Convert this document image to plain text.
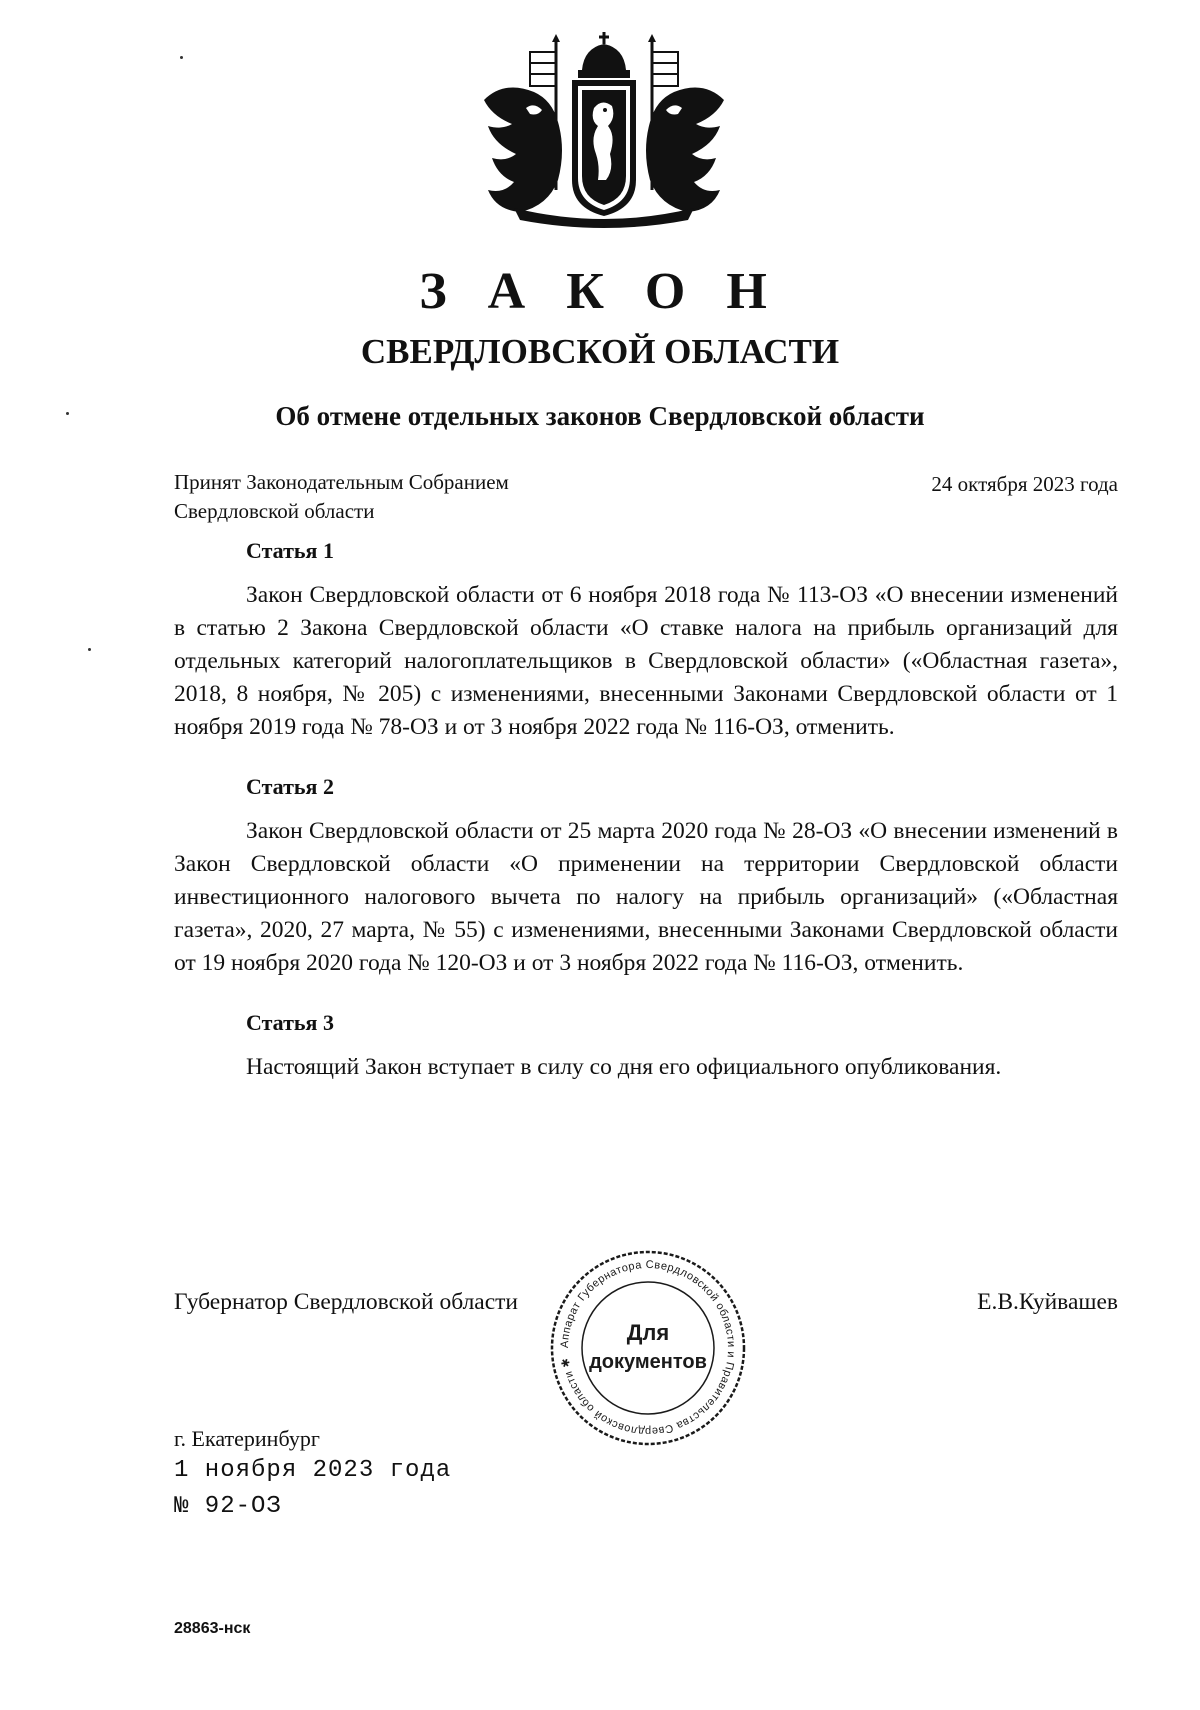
З А К О Н
СВЕРДЛОВСКОЙ ОБЛАСТИ
Об отмене отдельных законов Свердловской области
Принят Законодательным Собранием
Свердловской области
24 октября 2023 года
Статья 1
Закон Свердловской области от 6 ноября 2018 года № 113-ОЗ «О внесении изменений в статью 2 Закона Свердловской области «О ставке налога на прибыль организаций для отдельных категорий налогоплательщиков в Свердловской области» («Областная газета», 2018, 8 ноября, № 205) с изменениями, внесенными Законами Свердловской области от 1 ноября 2019 года № 78-ОЗ и от 3 ноября 2022 года № 116-ОЗ, отменить.
Статья 2
Закон Свердловской области от 25 марта 2020 года № 28-ОЗ «О внесении изменений в Закон Свердловской области «О применении на территории Свердловской области инвестиционного налогового вычета по налогу на прибыль организаций» («Областная газета», 2020, 27 марта, № 55) с изменениями, внесенными Законами Свердловской области от 19 ноября 2020 года № 120-ОЗ и от 3 ноября 2022 года № 116-ОЗ, отменить.
Статья 3
Настоящий Закон вступает в силу со дня его официального опубликования.
Губернатор Свердловской области	Е.В.Куйвашев
Аппарат Губернатора Свердловской области и Правительства Свердловской области ✱
Для
документов
г. Екатеринбург
1 ноября 2023 года
№ 92-ОЗ
28863-нск
